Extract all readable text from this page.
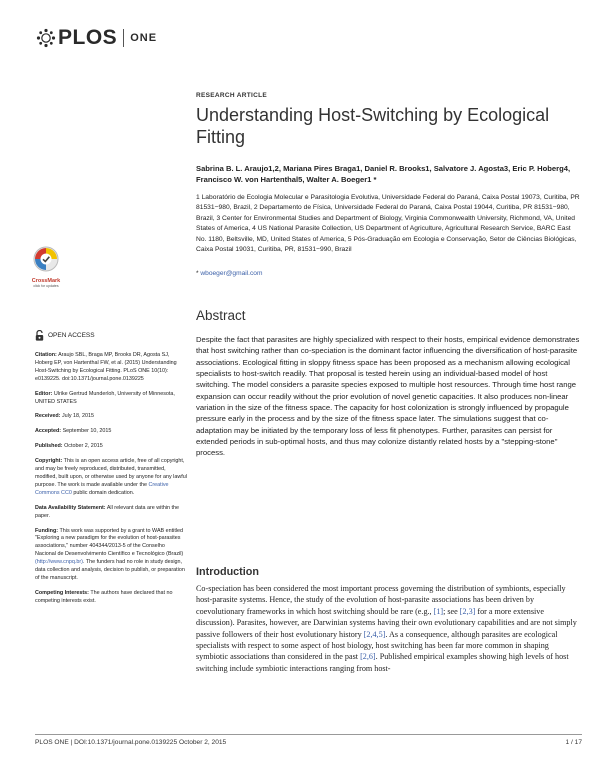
PLOS ONE
RESEARCH ARTICLE
Understanding Host-Switching by Ecological Fitting
Sabrina B. L. Araujo1,2, Mariana Pires Braga1, Daniel R. Brooks1, Salvatore J. Agosta3, Eric P. Hoberg4, Francisco W. von Hartenthal5, Walter A. Boeger1 *
1 Laboratório de Ecologia Molecular e Parasitologia Evolutiva, Universidade Federal do Paraná, Caixa Postal 19073, Curitiba, PR 81531−980, Brazil, 2 Departamento de Física, Universidade Federal do Paraná, Caixa Postal 19044, Curitiba, PR 81531−980, Brazil, 3 Center for Environmental Studies and Department of Biology, Virginia Commonwealth University, Richmond, VA, United States of America, 4 US National Parasite Collection, US Department of Agriculture, Agricultural Research Service, BARC East No. 1180, Beltsville, MD, United States of America, 5 Pós-Graduação em Ecologia e Conservação, Setor de Ciências Biológicas, Caixa Postal 19031, Curitiba, PR, 81531−990, Brazil
* wboeger@gmail.com
CrossMark
click for updates
Abstract
Despite the fact that parasites are highly specialized with respect to their hosts, empirical evidence demonstrates that host switching rather than co-speciation is the dominant factor influencing the diversification of host-parasite associations. Ecological fitting in sloppy fitness space has been proposed as a mechanism allowing ecological specialists to host-switch readily. That proposal is tested herein using an individual-based model of host switching. The model considers a parasite species exposed to multiple host resources. Through time host range expansion can occur readily without the prior evolution of novel genetic capacities. It also produces non-linear variation in the size of the fitness space. The capacity for host colonization is strongly influenced by propagule pressure early in the process and by the size of the fitness space later. The simulations suggest that co-adaptation may be initiated by the temporary loss of less fit phenotypes. Further, parasites can persist for extended periods in sub-optimal hosts, and thus may colonize distantly related hosts by a "stepping-stone" process.
OPEN ACCESS
Citation: Araujo SBL, Braga MP, Brooks DR, Agosta SJ, Hoberg EP, von Hartenthal FW, et al. (2015) Understanding Host-Switching by Ecological Fitting. PLoS ONE 10(10): e0139225. doi:10.1371/journal.pone.0139225
Editor: Ulrike Gertrud Munderloh, University of Minnesota, UNITED STATES
Received: July 18, 2015
Accepted: September 10, 2015
Published: October 2, 2015
Copyright: This is an open access article, free of all copyright, and may be freely reproduced, distributed, transmitted, modified, built upon, or otherwise used by anyone for any lawful purpose. The work is made available under the Creative Commons CC0 public domain dedication.
Data Availability Statement: All relevant data are within the paper.
Funding: This work was supported by a grant to WAB entitled "Exploring a new paradigm for the evolution of host-parasites associations," number 404344/2013-5 of the Conselho Nacional de Desenvolvimento Científico e Tecnológico (Brazil) (http://www.cnpq.br). The funders had no role in study design, data collection and analysis, decision to publish, or preparation of the manuscript.
Competing Interests: The authors have declared that no competing interests exist.
Introduction
Co-speciation has been considered the most important process governing the distribution of symbionts, especially host-parasite systems. Hence, the study of the evolution of host-parasite associations has been driven by coevolutionary frameworks in which host switching should be rare (e.g., [1]; see [2,3] for a more extensive discussion). Parasites, however, are Darwinian systems having their own evolutionary capabilities and are not simply passive followers of their host evolutionary history [2,4,5]. As a consequence, although parasites are ecological specialists with respect to some aspect of host biology, host switching has been far more common in shaping symbiotic associations than considered in the past [2,6]. Published empirical examples showing high levels of host switching include symbiotic interactions ranging from host-
PLOS ONE | DOI:10.1371/journal.pone.0139225 October 2, 2015	1 / 17
